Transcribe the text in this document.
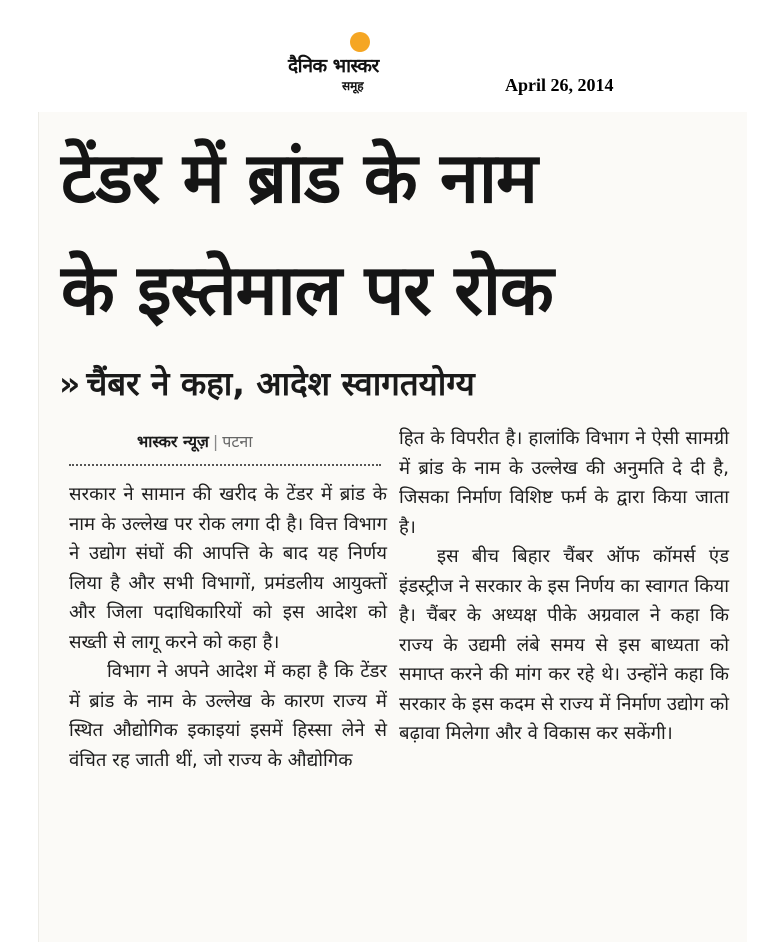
दैनिक भास्कर
समूह	April 26, 2014
टेंडर में ब्रांड के नाम
के इस्तेमाल पर रोक
» चैंबर ने कहा, आदेश स्वागतयोग्य
भास्कर न्यूज़ | पटना

सरकार ने सामान की खरीद के टेंडर में ब्रांड के नाम के उल्लेख पर रोक लगा दी है। वित्त विभाग ने उद्योग संघों की आपत्ति के बाद यह निर्णय लिया है और सभी विभागों, प्रमंडलीय आयुक्तों और जिला पदाधिकारियों को इस आदेश को सख्ती से लागू करने को कहा है।

विभाग ने अपने आदेश में कहा है कि टेंडर में ब्रांड के नाम के उल्लेख के कारण राज्य में स्थित औद्योगिक इकाइयां इसमें हिस्सा लेने से वंचित रह जाती थीं, जो राज्य के औद्योगिक

हित के विपरीत है। हालांकि विभाग ने ऐसी सामग्री में ब्रांड के नाम के उल्लेख की अनुमति दे दी है, जिसका निर्माण विशिष्ट फर्म के द्वारा किया जाता है।

इस बीच बिहार चैंबर ऑफ कॉमर्स एंड इंडस्ट्रीज ने सरकार के इस निर्णय का स्वागत किया है। चैंबर के अध्यक्ष पीके अग्रवाल ने कहा कि राज्य के उद्यमी लंबे समय से इस बाध्यता को समाप्त करने की मांग कर रहे थे। उन्होंने कहा कि सरकार के इस कदम से राज्य में निर्माण उद्योग को बढ़ावा मिलेगा और वे विकास कर सकेंगी।
